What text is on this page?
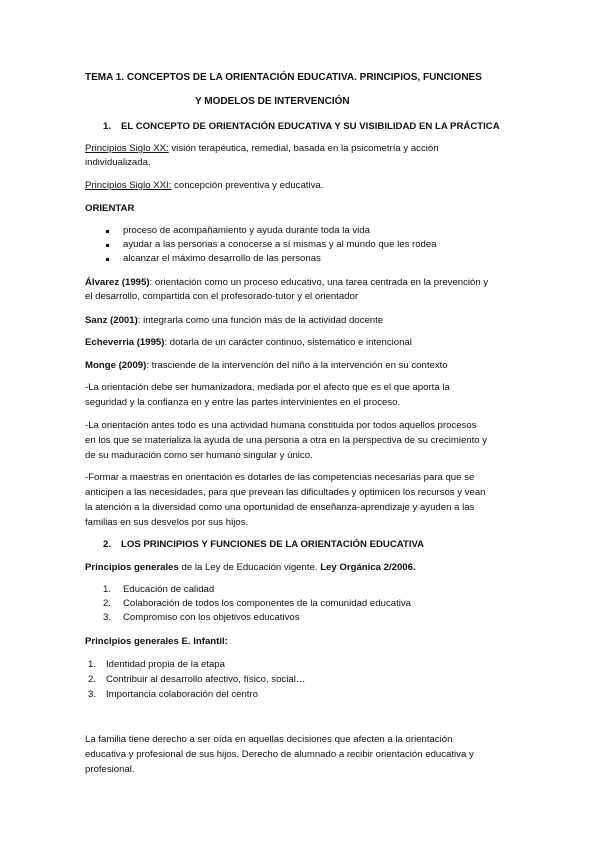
TEMA 1. CONCEPTOS DE LA ORIENTACIÓN EDUCATIVA. PRINCIPIOS, FUNCIONES
Y MODELOS DE INTERVENCIÓN
1. EL CONCEPTO DE ORIENTACIÓN EDUCATIVA Y SU VISIBILIDAD EN LA PRÁCTICA
Principios Siglo XX: visión terapéutica, remedial, basada en la psicometría y acción
individualizada.
Principios Siglo XXI: concepción preventiva y educativa.
ORIENTAR
proceso de acompañamiento y ayuda durante toda la vida
ayudar a las personas a conocerse a sí mismas y al mundo que les rodea
alcanzar el máximo desarrollo de las personas
Álvarez (1995): orientación como un proceso educativo, una tarea centrada en la prevención y
el desarrollo, compartida con el profesorado-tutor y el orientador
Sanz (2001): integrarla como una función más de la actividad docente
Echeverria (1995): dotarla de un carácter continuo, sistemático e intencional
Monge (2009): trasciende de la intervención del niño a la intervención en su contexto
-La orientación debe ser humanizadora, mediada por el afecto que es el que aporta la
seguridad y la confianza en y entre las partes intervinientes en el proceso.
-La orientación antes todo es una actividad humana constituida por todos aquellos procesos
en los que se materializa la ayuda de una persona a otra en la perspectiva de su crecimiento y
de su maduración como ser humano singular y único.
-Formar a maestras en orientación es dotarles de las competencias necesarias para que se
anticipen a las necesidades, para que prevean las dificultades y optimicen los recursos y vean
la atención a la diversidad como una oportunidad de enseñanza-aprendizaje y ayuden a las
familias en sus desvelos por sus hijos.
2. LOS PRINCIPIOS Y FUNCIONES DE LA ORIENTACIÓN EDUCATIVA
Principios generales de la Ley de Educación vigente. Ley Orgánica 2/2006.
1. Educación de calidad
2. Colaboración de todos los componentes de la comunidad educativa
3. Compromiso con los objetivos educativos
Principios generales E. Infantil:
1. Identidad propia de la etapa
2. Contribuir al desarrollo afectivo, físico, social…
3. Importancia colaboración del centro
La familia tiene derecho a ser oída en aquellas decisiones que afecten a la orientación
educativa y profesional de sus hijos. Derecho de alumnado a recibir orientación educativa y
profesional.
